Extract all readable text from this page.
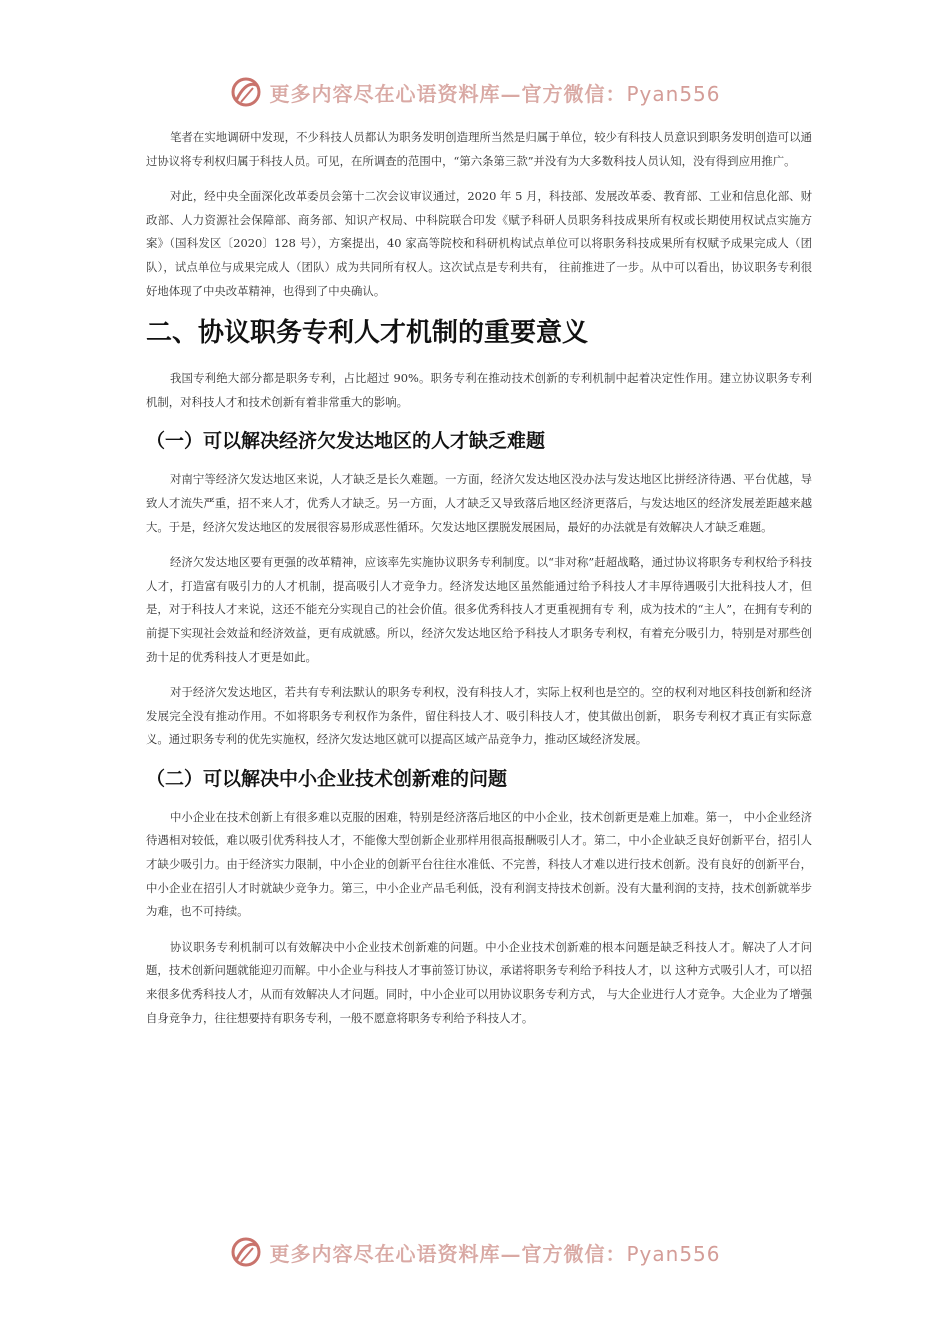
更多内容尽在心语资料库—官方微信：Pyan556

笔者在实地调研中发现，不少科技人员都认为职务发明创造理所当然是归属于单位，较少有科技人员意识到职务发明创造可以通过协议将专利权归属于科技人员。可见，在所调查的范围中，“第六条第三款”并没有为大多数科技人员认知，没有得到应用推广。

对此，经中央全面深化改革委员会第十二次会议审议通过，2020 年 5 月，科技部、发展改革委、教育部、工业和信息化部、财政部、人力资源社会保障部、商务部、知识产权局、中科院联合印发《赋予科研人员职务科技成果所有权或长期使用权试点实施方案》（国科发区〔2020〕128 号），方案提出，40 家高等院校和科研机构试点单位可以将职务科技成果所有权赋予成果完成人（团队），试点单位与成果完成人（团队）成为共同所有权人。这次试点是专利共有， 往前推进了一步。从中可以看出，协议职务专利很好地体现了中央改革精神，也得到了中央确认。

二、协议职务专利人才机制的重要意义

我国专利绝大部分都是职务专利，占比超过 90%。职务专利在推动技术创新的专利机制中起着决定性作用。建立协议职务专利机制，对科技人才和技术创新有着非常重大的影响。

（一）可以解决经济欠发达地区的人才缺乏难题

对南宁等经济欠发达地区来说，人才缺乏是长久难题。一方面，经济欠发达地区没办法与发达地区比拼经济待遇、平台优越，导致人才流失严重，招不来人才，优秀人才缺乏。另一方面，人才缺乏又导致落后地区经济更落后，与发达地区的经济发展差距越来越大。于是，经济欠发达地区的发展很容易形成恶性循环。欠发达地区摆脱发展困局，最好的办法就是有效解决人才缺乏难题。

经济欠发达地区要有更强的改革精神，应该率先实施协议职务专利制度。以“非对称”赶超战略，通过协议将职务专利权给予科技人才，打造富有吸引力的人才机制，提高吸引人才竞争力。经济发达地区虽然能通过给予科技人才丰厚待遇吸引大批科技人才，但是，对于科技人才来说，这还不能充分实现自己的社会价值。很多优秀科技人才更重视拥有专 利，成为技术的“主人”，在拥有专利的前提下实现社会效益和经济效益，更有成就感。所以，经济欠发达地区给予科技人才职务专利权，有着充分吸引力，特别是对那些创劲十足的优秀科技人才更是如此。

对于经济欠发达地区，若共有专利法默认的职务专利权，没有科技人才，实际上权利也是空的。空的权利对地区科技创新和经济发展完全没有推动作用。不如将职务专利权作为条件，留住科技人才、吸引科技人才，使其做出创新， 职务专利权才真正有实际意义。通过职务专利的优先实施权，经济欠发达地区就可以提高区域产品竞争力，推动区域经济发展。

（二）可以解决中小企业技术创新难的问题

中小企业在技术创新上有很多难以克服的困难，特别是经济落后地区的中小企业，技术创新更是难上加难。第一， 中小企业经济待遇相对较低，难以吸引优秀科技人才，不能像大型创新企业那样用很高报酬吸引人才。第二，中小企业缺乏良好创新平台，招引人才缺少吸引力。由于经济实力限制，中小企业的创新平台往往水准低、不完善，科技人才难以进行技术创新。没有良好的创新平台，中小企业在招引人才时就缺少竞争力。第三，中小企业产品毛利低，没有利润支持技术创新。没有大量利润的支持，技术创新就举步为难，也不可持续。

协议职务专利机制可以有效解决中小企业技术创新难的问题。中小企业技术创新难的根本问题是缺乏科技人才。解决了人才问题，技术创新问题就能迎刃而解。中小企业与科技人才事前签订协议，承诺将职务专利给予科技人才，以 这种方式吸引人才，可以招来很多优秀科技人才，从而有效解决人才问题。同时，中小企业可以用协议职务专利方式， 与大企业进行人才竞争。大企业为了增强自身竞争力，往往想要持有职务专利，一般不愿意将职务专利给予科技人才。

更多内容尽在心语资料库—官方微信：Pyan556
